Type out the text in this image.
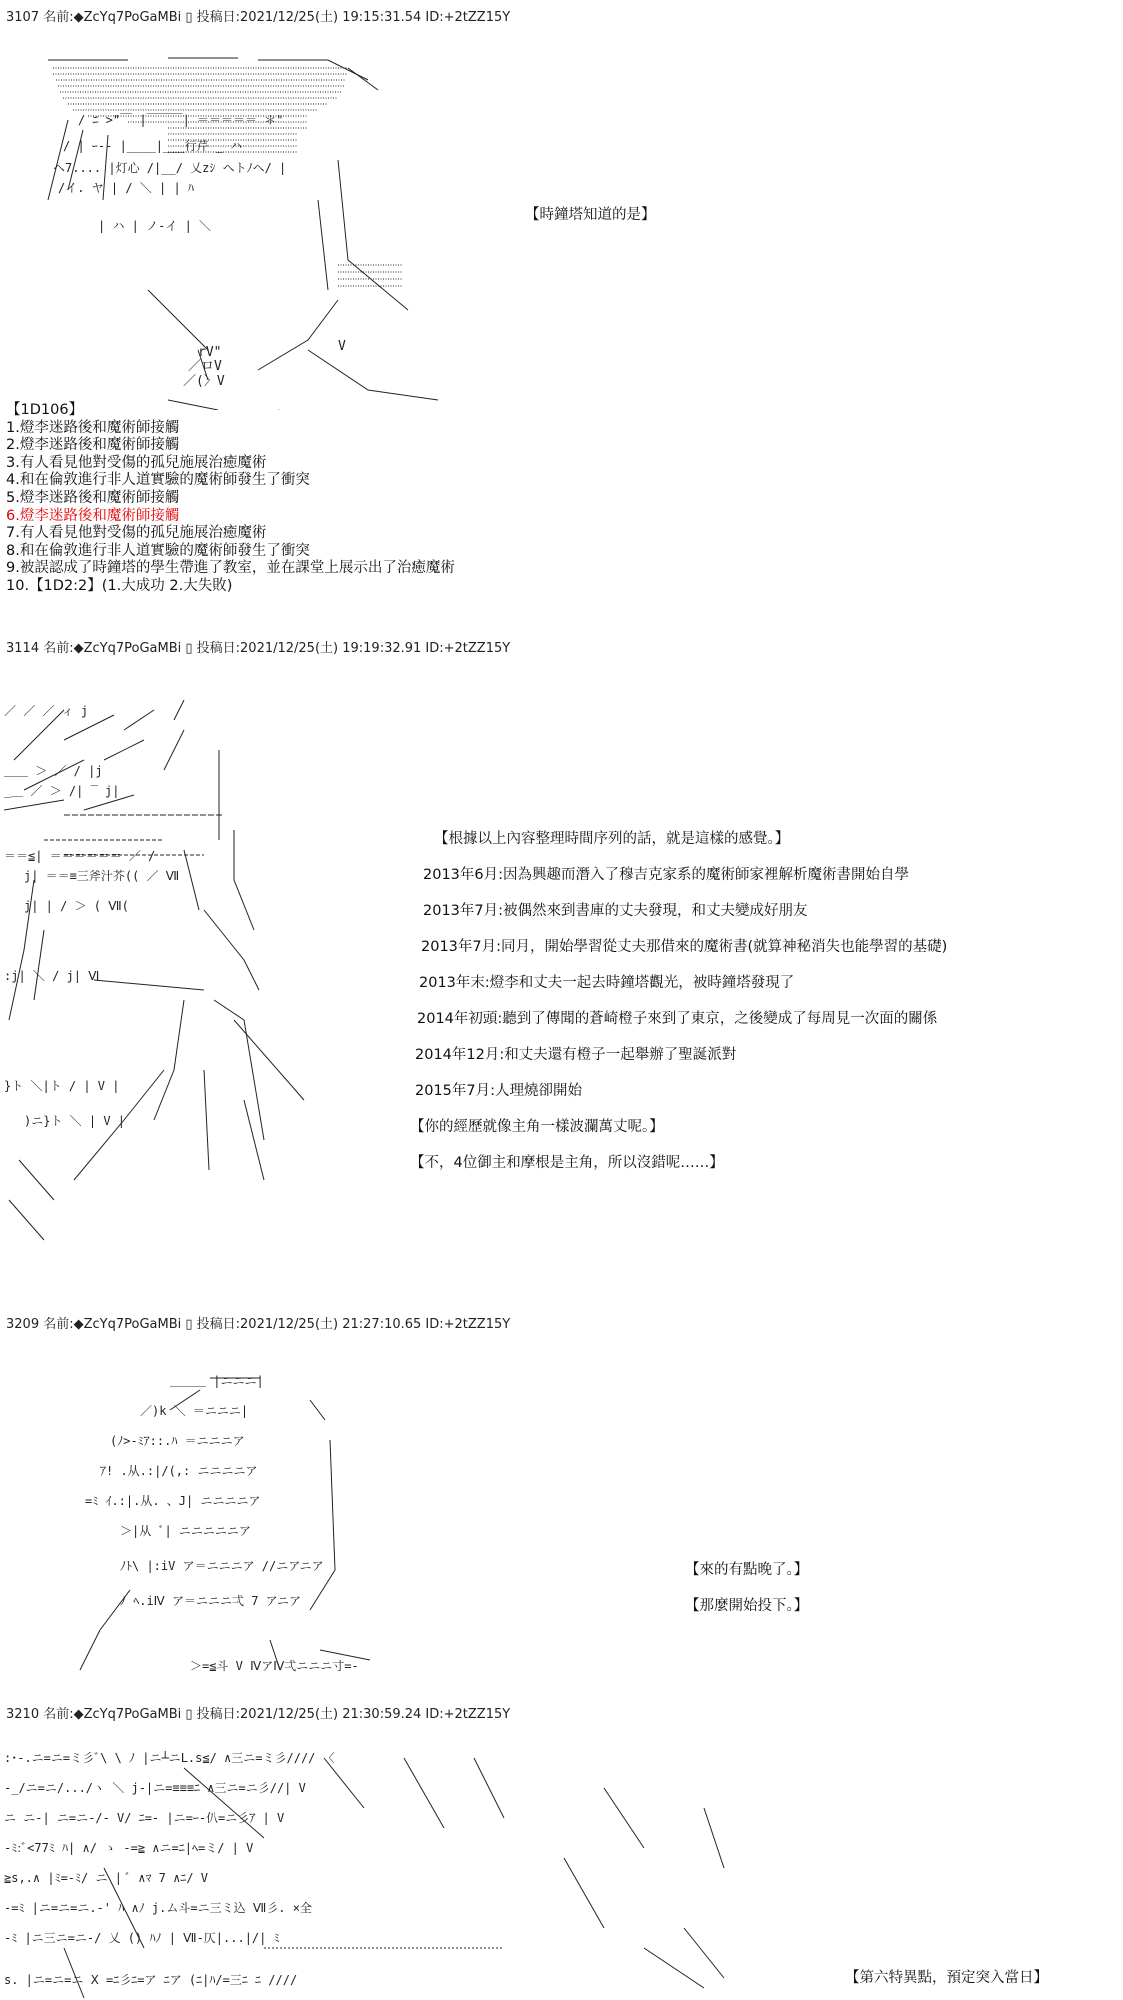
3107 名前:◆ZcYq7PoGaMBi ▯ 投稿日:2021/12/25(土) 19:15:31.54 ID:+2tZZ15Y
/ ﾆ >"￣ |￣￣￣| ＝＝＝＝＝ ＊"
/ | ｰ-- |____|___行芹 _ ハ
ヘ7.... |灯心 /|__/ 乂zｼ ヘトﾉヘ/ |
/イ. ヤ | / ＼ | | ﾊ
| ハ | ノ-イ | ＼
／ロV
／(〉V
rV"	V
【時鐘塔知道的是】
【1D106】
1.燈李迷路後和魔術師接觸
2.燈李迷路後和魔術師接觸
3.有人看見他對受傷的孤兒施展治癒魔術
4.和在倫敦進行非人道實驗的魔術師發生了衝突
5.燈李迷路後和魔術師接觸
6.燈李迷路後和魔術師接觸
7.有人看見他對受傷的孤兒施展治癒魔術
8.和在倫敦進行非人道實驗的魔術師發生了衝突
9.被誤認成了時鐘塔的學生帶進了教室，並在課堂上展示出了治癒魔術
10.【1D2:2】(1.大成功 2.大失敗)
3114 名前:◆ZcYq7PoGaMBi ▯ 投稿日:2021/12/25(土) 19:19:32.91 ID:+2tZZ15Y
／ ／ ／ ィ j
＿＿ ＞ ／ / |j
_＿ ／ ＞ /| ‾ j|
＝＝≦| ＝＝＝＝＝＝ ／ /
j| ＝＝≡三斧汁芥(( ／ Ⅶ
j| | / ＞ ( Ⅶ(
:j| ＼ / j| Ⅵ
}ト ＼|ト / | V |
)ニ}ト ＼ | V |
【根據以上內容整理時間序列的話，就是這樣的感覺。】
2013年6月:因為興趣而潛入了穆吉克家系的魔術師家裡解析魔術書開始自學
2013年7月:被偶然來到書庫的丈夫發現，和丈夫變成好朋友
2013年7月:同月，開始學習從丈夫那借來的魔術書(就算神秘消失也能學習的基礎)
2013年末:燈李和丈夫一起去時鐘塔觀光，被時鐘塔發現了
2014年初頭:聽到了傳聞的蒼崎橙子來到了東京，之後變成了每周見一次面的關係
2014年12月:和丈夫還有橙子一起舉辦了聖誕派對
2015年7月:人理燒卻開始
【你的經歷就像主角一樣波瀾萬丈呢。】
【不，4位御主和摩根是主角，所以沒錯呢……】
3209 名前:◆ZcYq7PoGaMBi ▯ 投稿日:2021/12/25(土) 21:27:10.65 ID:+2tZZ15Y
＿＿＿ |ニニニ|
／)k ＼ ＝ニニニ|
(ﾉ>-ﾐｱ::.ﾊ ＝ニニニア
ｱ! .从.:|/(,: ニニニニア
=ﾐ ｲ.:|.从. 、J| ニニニニア
＞|从 ﾞ| ニニニニニア
ﾉﾄ\ |:iV ア＝ニニニア //ニアニア
ﾉ ﾍ.iⅣ ア＝ニニニ弌 7 アニア
＞=≦斗 V ⅣアⅣ弌ニニニ寸=-
【來的有點晚了。】
【那麼開始投下。】
3210 名前:◆ZcYq7PoGaMBi ▯ 投稿日:2021/12/25(土) 21:30:59.24 ID:+2tZZ15Y
:･-.ニ=ニ=ミ彡ﾞ\ \ ﾉ |ニ┴ニL.s≦/ ∧三ニ=ミ彡//// 〈
-_/ニ=ニ/.../ヽ ＼ j-|ニ=≡≡≡ﾆ ∧三ニ=ニ彡//| V
ニ ニ-| ニ=ニ-/- V/ ﾆ=- |ニ=ｰ-仈=ニ彡ｱ | V
-ﾐ:ﾞ<77ﾐ ﾊ| ∧/ ゝ -=≧ ∧ニ=ﾆ|ﾍ=ミ/ | V
≧s,.∧ |ﾐ=-ﾐ/ ニ | ﾞ ∧ﾏ 7 ∧ﾆ/ V
-=ﾐ |ニ=ニ=ニ.-' ﾊ ∧ﾉ j.ム斗=ニ三ミ込 Ⅶ彡. ×全
-ﾐ |ニ三ニ=ニ-/ 乂 () ﾊﾉ | Ⅶ‐仄|...|/| ﾐ
s. |ニ=ニ=ニ Ⅹ =ﾆ彡ﾆ=ア ﾆア (ﾆ|ﾊ/=三ﾆ ﾆ ////	【第六特異點，預定突入當日】
